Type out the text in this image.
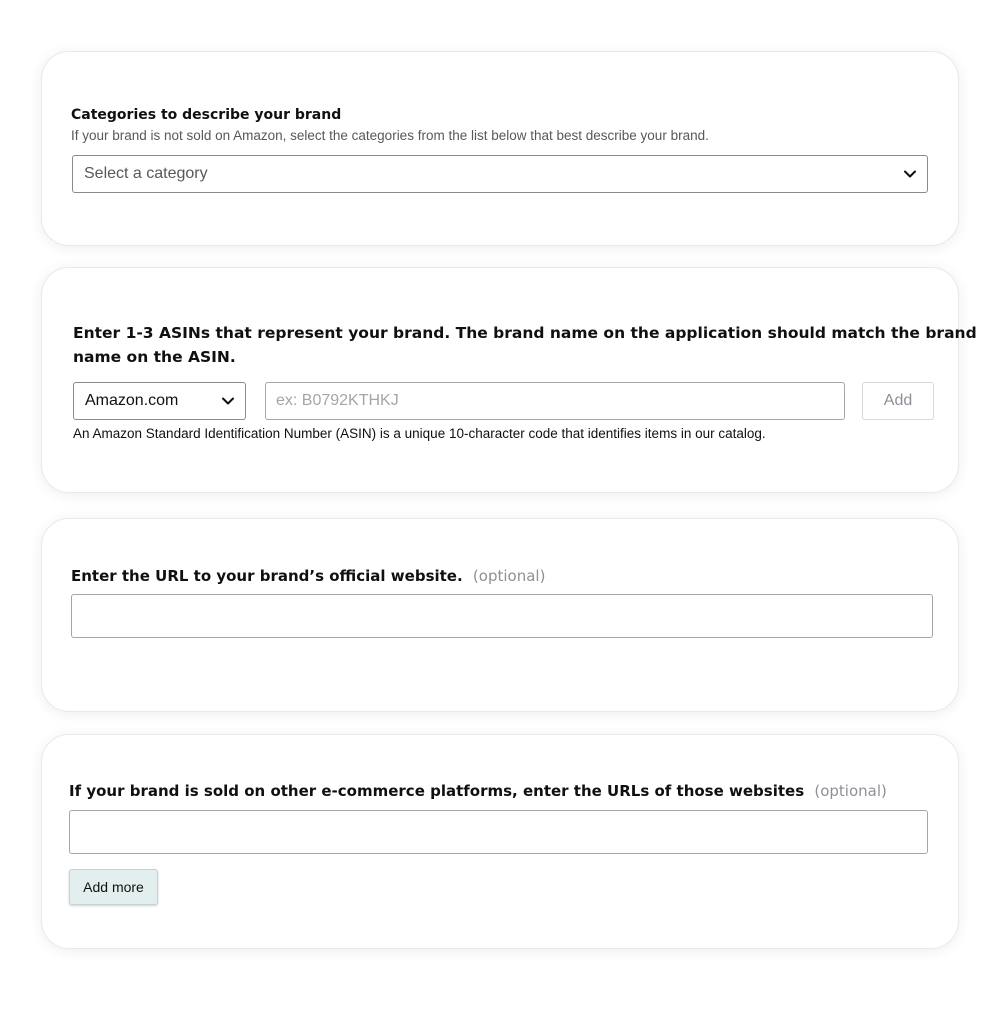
Categories to describe your brand
If your brand is not sold on Amazon, select the categories from the list below that best describe your brand.
Select a category
Enter 1-3 ASINs that represent your brand. The brand name on the application should match the brand
name on the ASIN.
Amazon.com
ex: B0792KTHKJ	Add
An Amazon Standard Identification Number (ASIN) is a unique 10-character code that identifies items in our catalog.
Enter the URL to your brand’s official website. (optional)
If your brand is sold on other e-commerce platforms, enter the URLs of those websites (optional)
Add more
